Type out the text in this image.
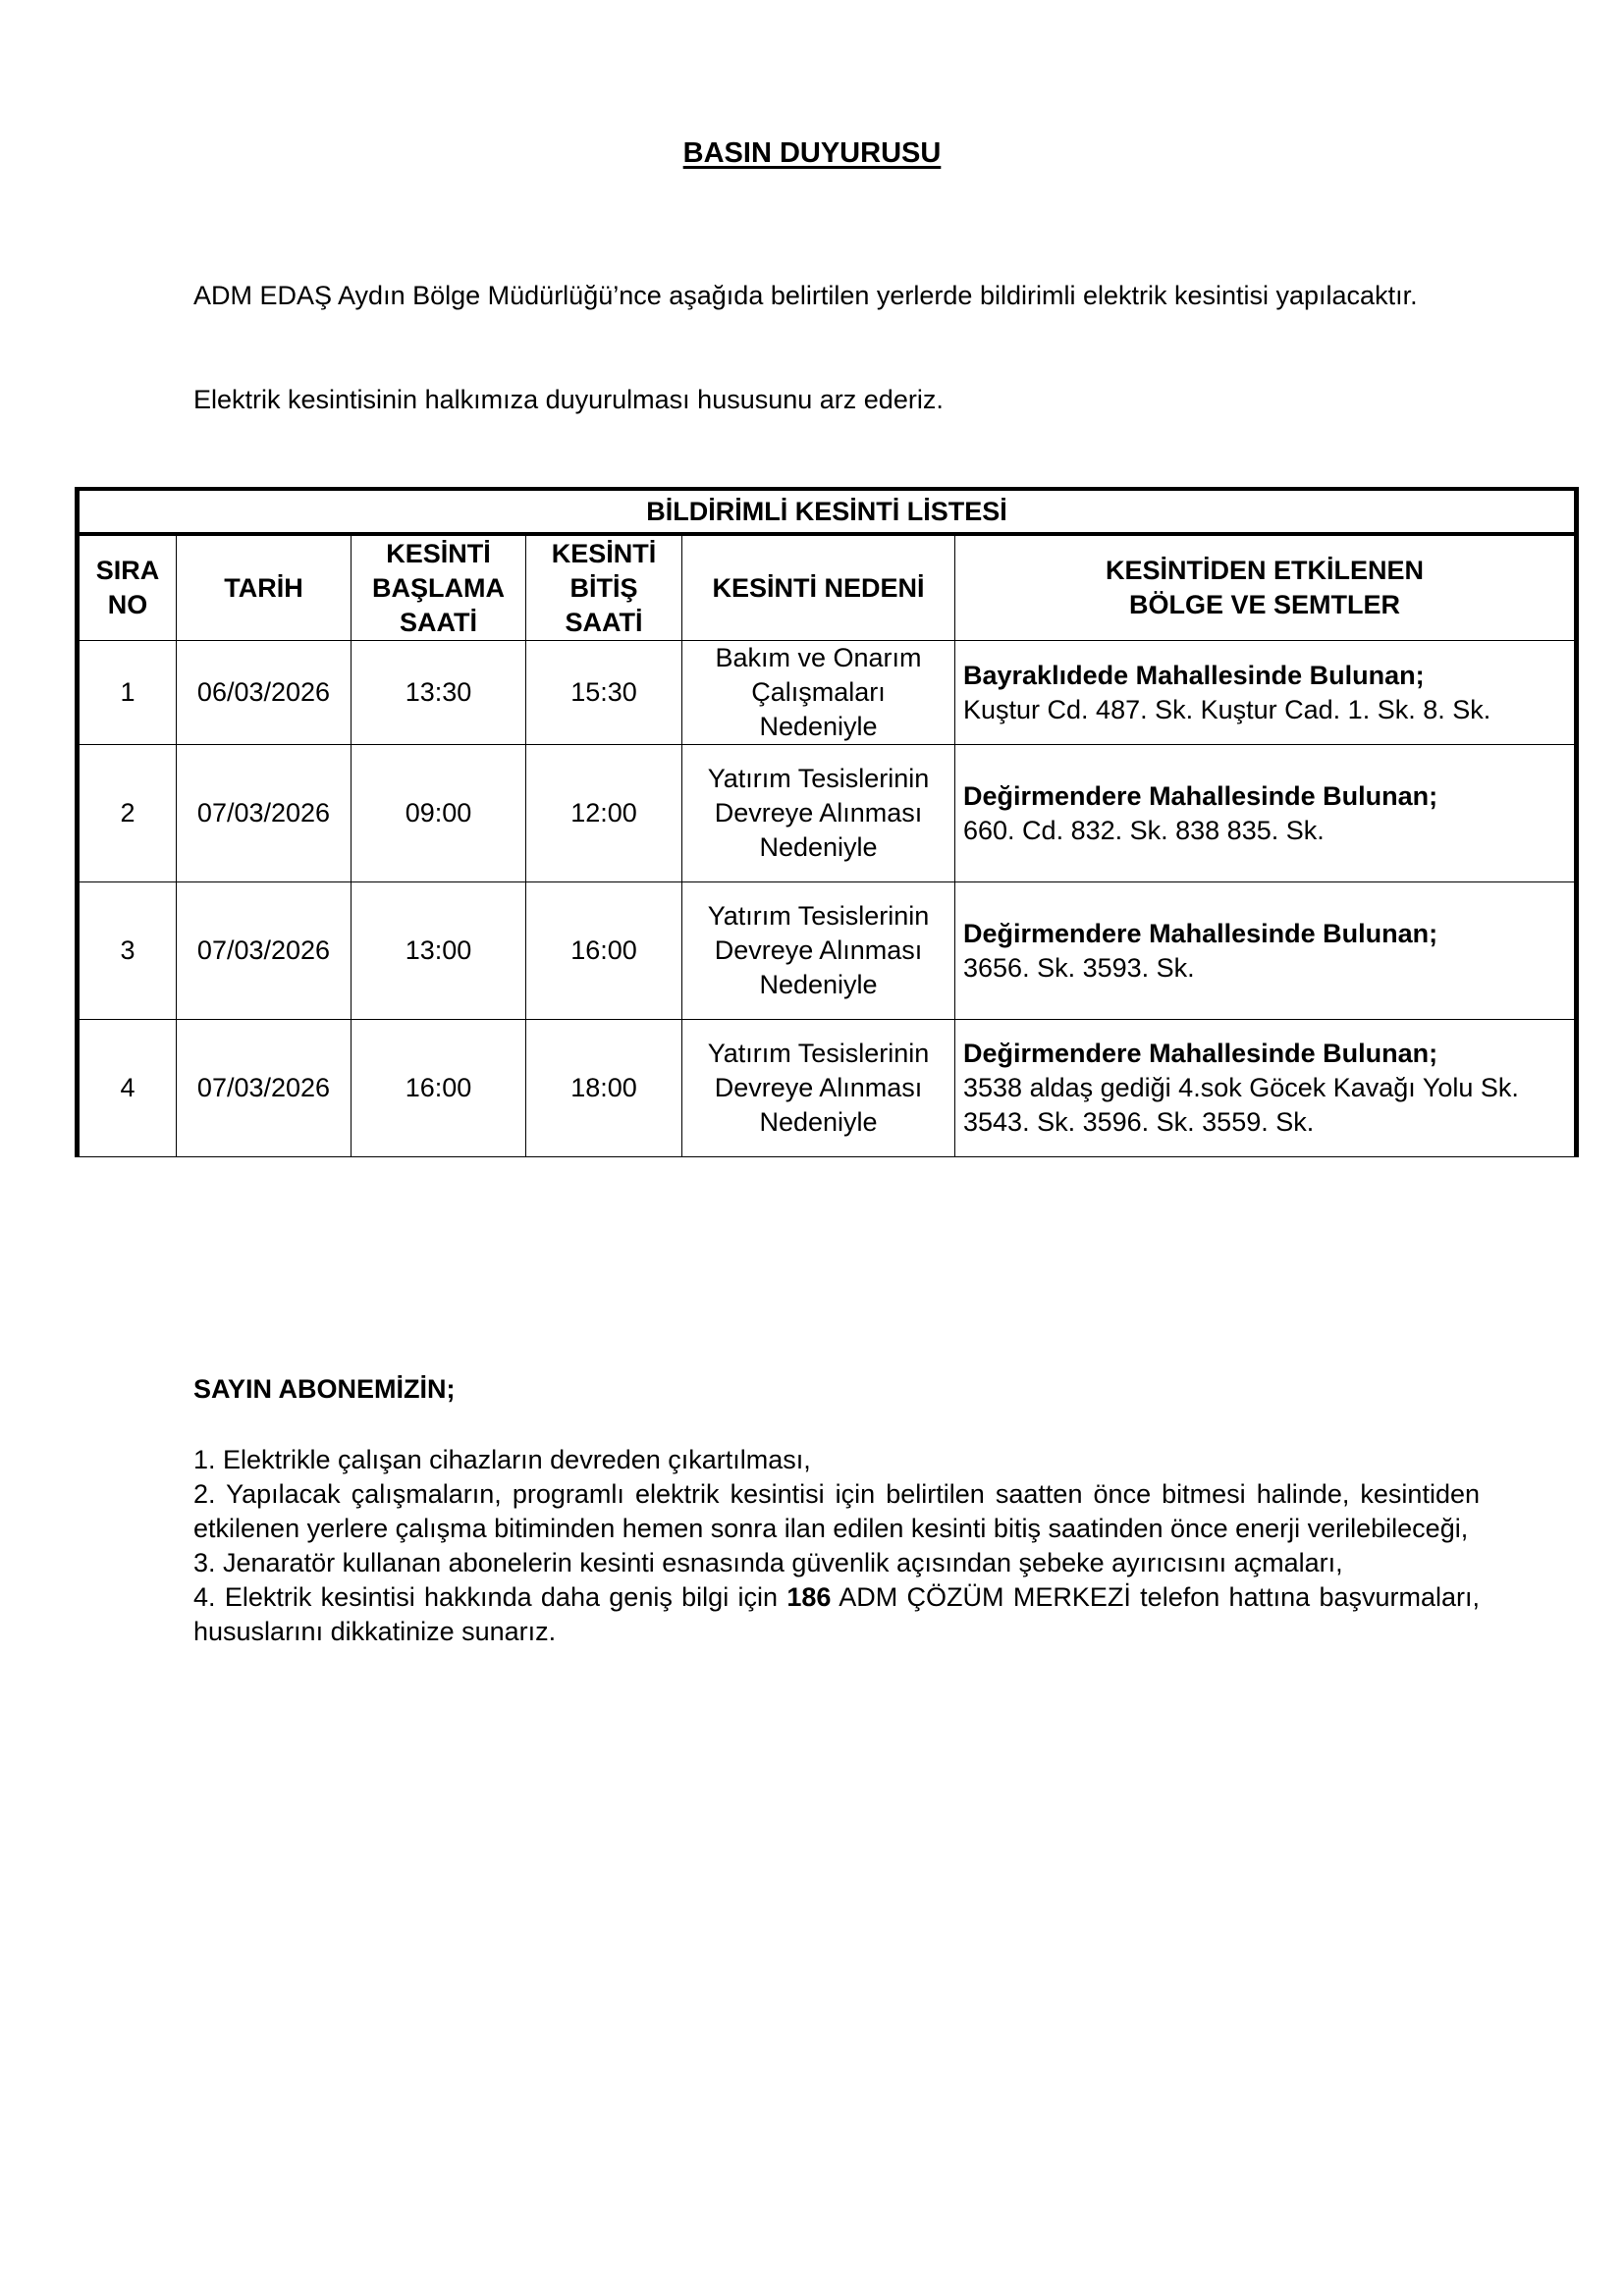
BASIN DUYURUSU
ADM EDAŞ Aydın Bölge Müdürlüğü’nce aşağıda belirtilen yerlerde bildirimli elektrik kesintisi yapılacaktır.
Elektrik kesintisinin halkımıza duyurulması hususunu arz ederiz.
BİLDİRİMLİ KESİNTİ LİSTESİ					
SIRA NO	TARİH	KESİNTİ BAŞLAMA SAATİ	KESİNTİ BİTİŞ SAATİ	KESİNTİ NEDENİ	KESİNTİDEN ETKİLENEN BÖLGE VE SEMTLER
1	06/03/2026	13:30	15:30	Bakım ve Onarım Çalışmaları Nedeniyle	Bayraklıdede Mahallesinde Bulunan;
Kuştur Cd. 487. Sk. Kuştur Cad. 1. Sk. 8. Sk.
2	07/03/2026	09:00	12:00	Yatırım Tesislerinin Devreye Alınması Nedeniyle	Değirmendere Mahallesinde Bulunan;
660. Cd. 832. Sk. 838 835. Sk.
3	07/03/2026	13:00	16:00	Yatırım Tesislerinin Devreye Alınması Nedeniyle	Değirmendere Mahallesinde Bulunan;
3656. Sk. 3593. Sk.
4	07/03/2026	16:00	18:00	Yatırım Tesislerinin Devreye Alınması Nedeniyle	Değirmendere Mahallesinde Bulunan;
3538 aldaş gediği 4.sok Göcek Kavağı Yolu Sk. 3543. Sk. 3596. Sk. 3559. Sk.
SAYIN ABONEMİZİN;
1. Elektrikle çalışan cihazların devreden çıkartılması,
2. Yapılacak çalışmaların, programlı elektrik kesintisi için belirtilen saatten önce bitmesi halinde, kesintiden etkilenen yerlere çalışma bitiminden hemen sonra ilan edilen kesinti bitiş saatinden önce enerji verilebileceği,
3. Jenaratör kullanan abonelerin kesinti esnasında güvenlik açısından şebeke ayırıcısını açmaları,
4. Elektrik kesintisi hakkında daha geniş bilgi için 186 ADM ÇÖZÜM MERKEZİ telefon hattına başvurmaları, hususlarını dikkatinize sunarız.
